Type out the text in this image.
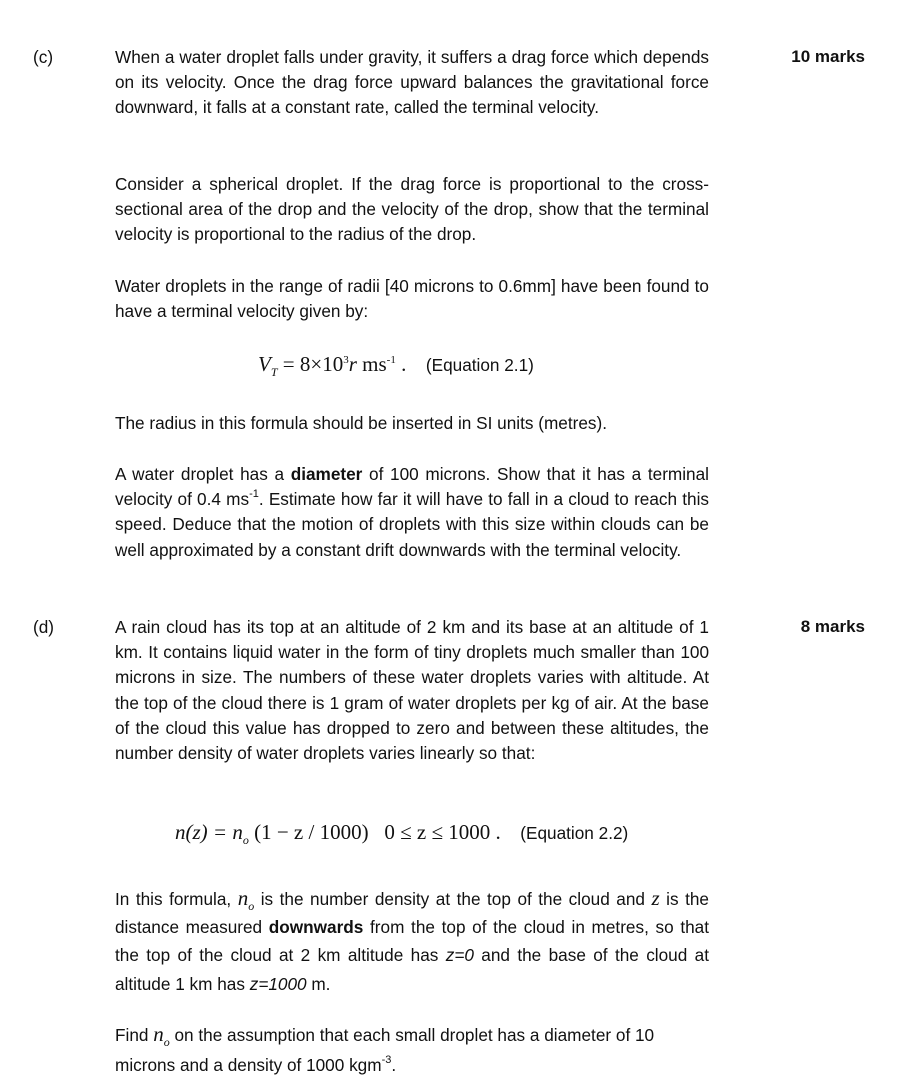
(c)	10 marks

When a water droplet falls under gravity, it suffers a drag force which depends on its velocity. Once the drag force upward balances the gravitational force downward, it falls at a constant rate, called the terminal velocity.

Consider a spherical droplet. If the drag force is proportional to the cross-sectional area of the drop and the velocity of the drop, show that the terminal velocity is proportional to the radius of the drop.

Water droplets in the range of radii [40 microns to 0.6mm] have been found to have a terminal velocity given by:

$V_T = 8\times 10^3r$ $ms^{-1}$ . (Equation 2.1)

The radius in this formula should be inserted in SI units (metres).

A water droplet has a diameter of 100 microns. Show that it has a terminal velocity of 0.4 $ms^{-1}$. Estimate how far it will have to fall in a cloud to reach this speed. Deduce that the motion of droplets with this size within clouds can be well approximated by a constant drift downwards with the terminal velocity.

(d)	8 marks

A rain cloud has its top at an altitude of 2 km and its base at an altitude of 1 km. It contains liquid water in the form of tiny droplets much smaller than 100 microns in size. The numbers of these water droplets varies with altitude. At the top of the cloud there is 1 gram of water droplets per kg of air. At the base of the cloud this value has dropped to zero and between these altitudes, the number density of water droplets varies linearly so that:

$n(z) = n_o$ (1 − z / 1000) 0 ≤ z ≤ 1000 . (Equation 2.2)

In this formula, $n_o$ is the number density at the top of the cloud and z is the distance measured downwards from the top of the cloud in metres, so that the top of the cloud at 2 km altitude has z=0 and the base of the cloud at altitude 1 km has z=1000 m.

Find $n_o$ on the assumption that each small droplet has a diameter of 10 microns and a density of 1000 kgm$^{-3}$.
